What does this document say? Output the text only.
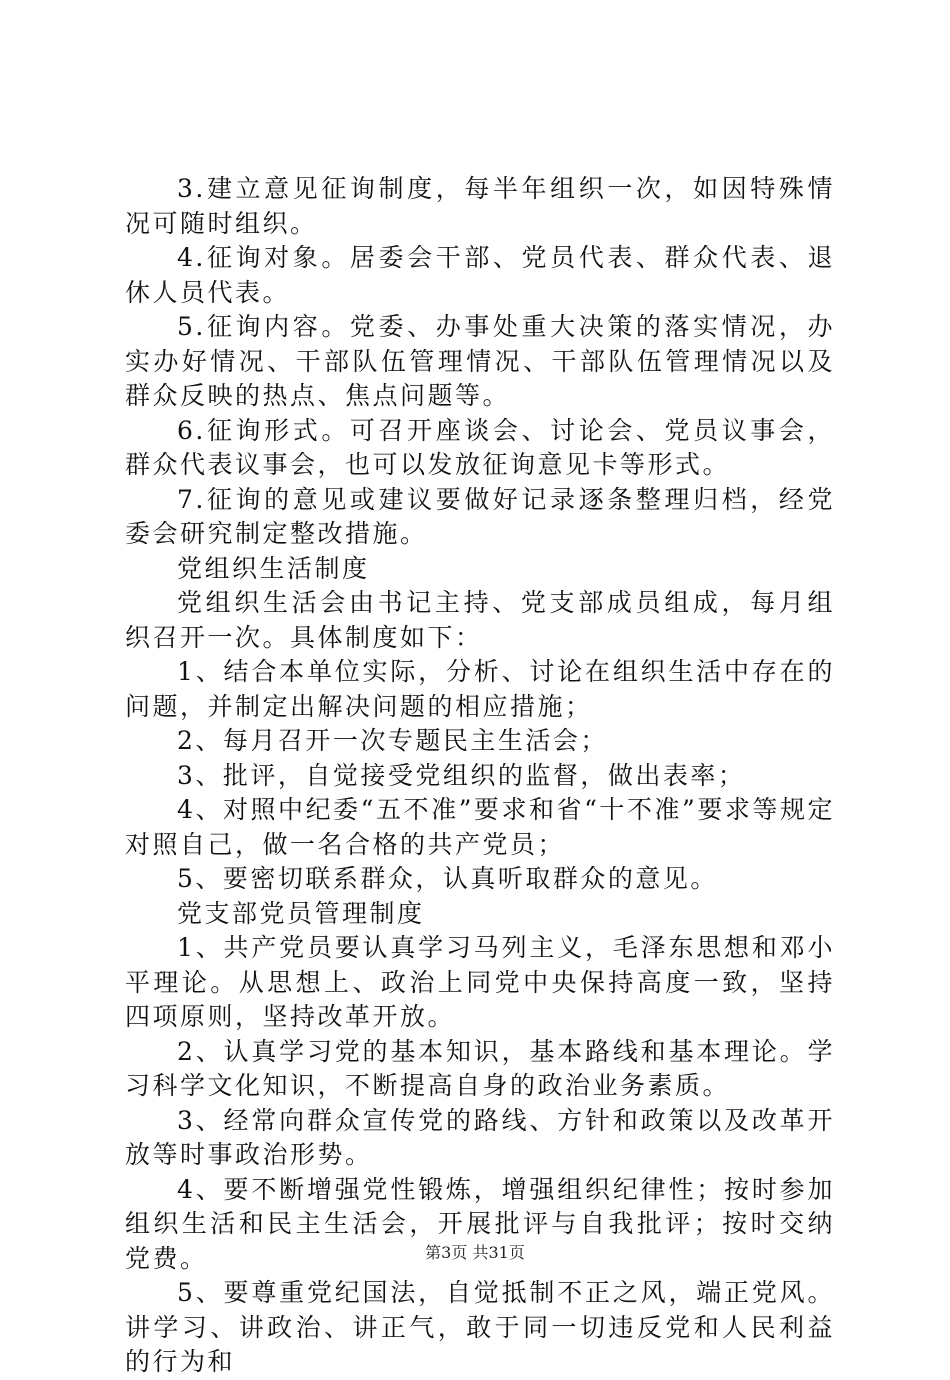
3.建立意见征询制度，每半年组织一次，如因特殊情况可随时组织。

4.征询对象。居委会干部、党员代表、群众代表、退休人员代表。

5.征询内容。党委、办事处重大决策的落实情况，办实办好情况、干部队伍管理情况、干部队伍管理情况以及群众反映的热点、焦点问题等。

6.征询形式。可召开座谈会、讨论会、党员议事会，群众代表议事会，也可以发放征询意见卡等形式。

7.征询的意见或建议要做好记录逐条整理归档，经党委会研究制定整改措施。

党组织生活制度

党组织生活会由书记主持、党支部成员组成，每月组织召开一次。具体制度如下：

1、结合本单位实际，分析、讨论在组织生活中存在的问题，并制定出解决问题的相应措施；

2、每月召开一次专题民主生活会；

3、批评，自觉接受党组织的监督，做出表率；

4、对照中纪委“五不准”要求和省“十不准”要求等规定对照自己，做一名合格的共产党员；

5、要密切联系群众，认真听取群众的意见。

党支部党员管理制度

1、共产党员要认真学习马列主义，毛泽东思想和邓小平理论。从思想上、政治上同党中央保持高度一致，坚持四项原则，坚持改革开放。

2、认真学习党的基本知识，基本路线和基本理论。学习科学文化知识，不断提高自身的政治业务素质。

3、经常向群众宣传党的路线、方针和政策以及改革开放等时事政治形势。

4、要不断增强党性锻炼，增强组织纪律性；按时参加组织生活和民主生活会，开展批评与自我批评；按时交纳党费。

5、要尊重党纪国法，自觉抵制不正之风，端正党风。讲学习、讲政治、讲正气，敢于同一切违反党和人民利益的行为和

第3页 共31页
